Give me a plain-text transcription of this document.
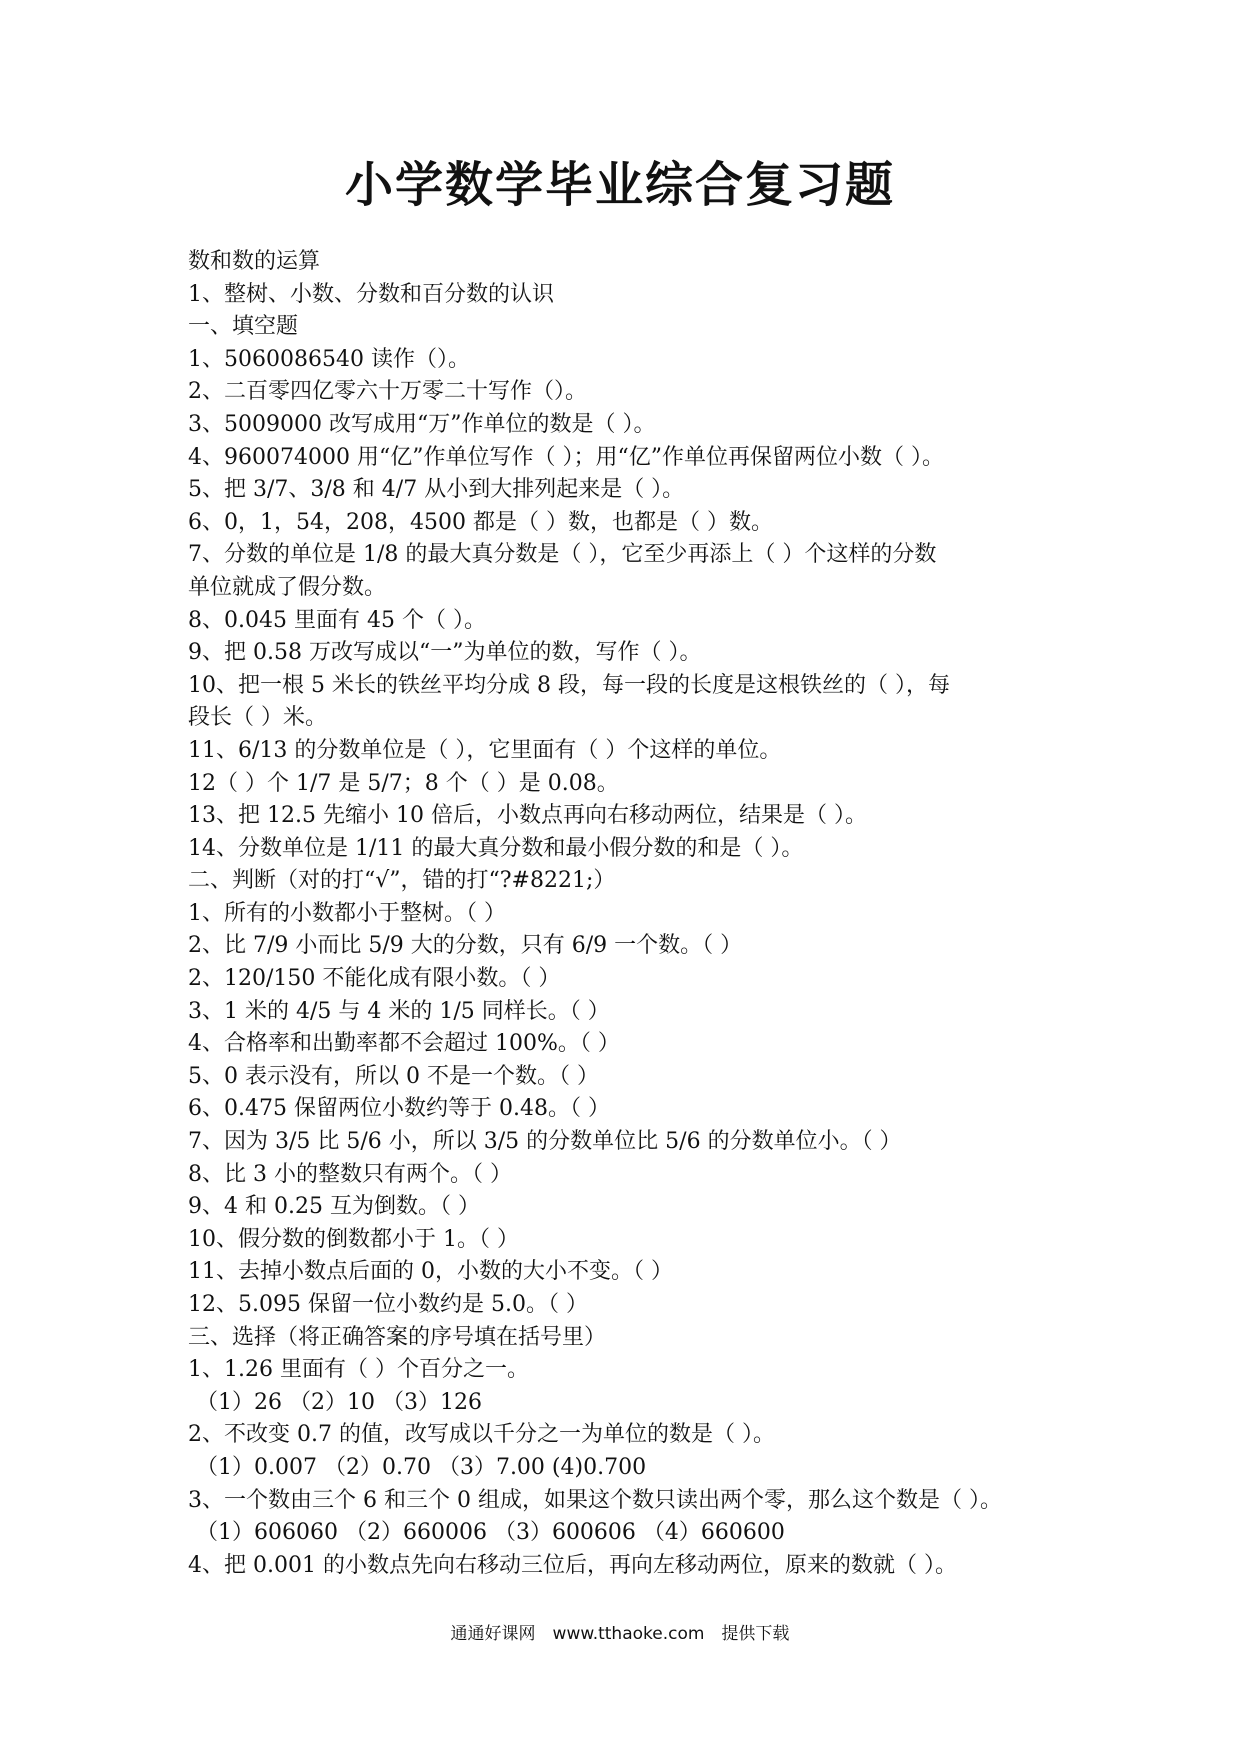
小学数学毕业综合复习题
数和数的运算
1、整树、小数、分数和百分数的认识
一、填空题
1、5060086540 读作（）。
2、二百零四亿零六十万零二十写作（）。
3、5009000 改写成用“万”作单位的数是（ ）。
4、960074000 用“亿”作单位写作（ ）；用“亿”作单位再保留两位小数（ ）。
5、把 3/7、3/8 和 4/7 从小到大排列起来是（ ）。
6、0，1，54，208，4500 都是（ ）数，也都是（ ）数。
7、分数的单位是 1/8 的最大真分数是（ ），它至少再添上（ ）个这样的分数
单位就成了假分数。
8、0.045 里面有 45 个（ ）。
9、把 0.58 万改写成以“一”为单位的数，写作（ ）。
10、把一根 5 米长的铁丝平均分成 8 段，每一段的长度是这根铁丝的（ ），每
段长（ ）米。
11、6/13 的分数单位是（ ），它里面有（ ）个这样的单位。
12（ ）个 1/7 是 5/7；8 个（ ）是 0.08。
13、把 12.5 先缩小 10 倍后，小数点再向右移动两位，结果是（ ）。
14、分数单位是 1/11 的最大真分数和最小假分数的和是（ ）。
二、判断（对的打“√”，错的打“?#8221;）
1、所有的小数都小于整树。（ ）
2、比 7/9 小而比 5/9 大的分数，只有 6/9 一个数。（ ）
2、120/150 不能化成有限小数。（ ）
3、1 米的 4/5 与 4 米的 1/5 同样长。（ ）
4、合格率和出勤率都不会超过 100%。（ ）
5、0 表示没有，所以 0 不是一个数。（ ）
6、0.475 保留两位小数约等于 0.48。（ ）
7、因为 3/5 比 5/6 小，所以 3/5 的分数单位比 5/6 的分数单位小。（ ）
8、比 3 小的整数只有两个。（ ）
9、4 和 0.25 互为倒数。（ ）
10、假分数的倒数都小于 1。（ ）
11、去掉小数点后面的 0，小数的大小不变。（ ）
12、5.095 保留一位小数约是 5.0。（ ）
三、选择（将正确答案的序号填在括号里）
1、1.26 里面有（ ）个百分之一。
（1）26 （2）10 （3）126
2、不改变 0.7 的值，改写成以千分之一为单位的数是（ ）。
（1）0.007 （2）0.70 （3）7.00 (4)0.700
3、一个数由三个 6 和三个 0 组成，如果这个数只读出两个零，那么这个数是（ ）。
（1）606060 （2）660006 （3）600606 （4）660600
4、把 0.001 的小数点先向右移动三位后，再向左移动两位，原来的数就（ ）。
通通好课网　www.tthaoke.com　提供下载
